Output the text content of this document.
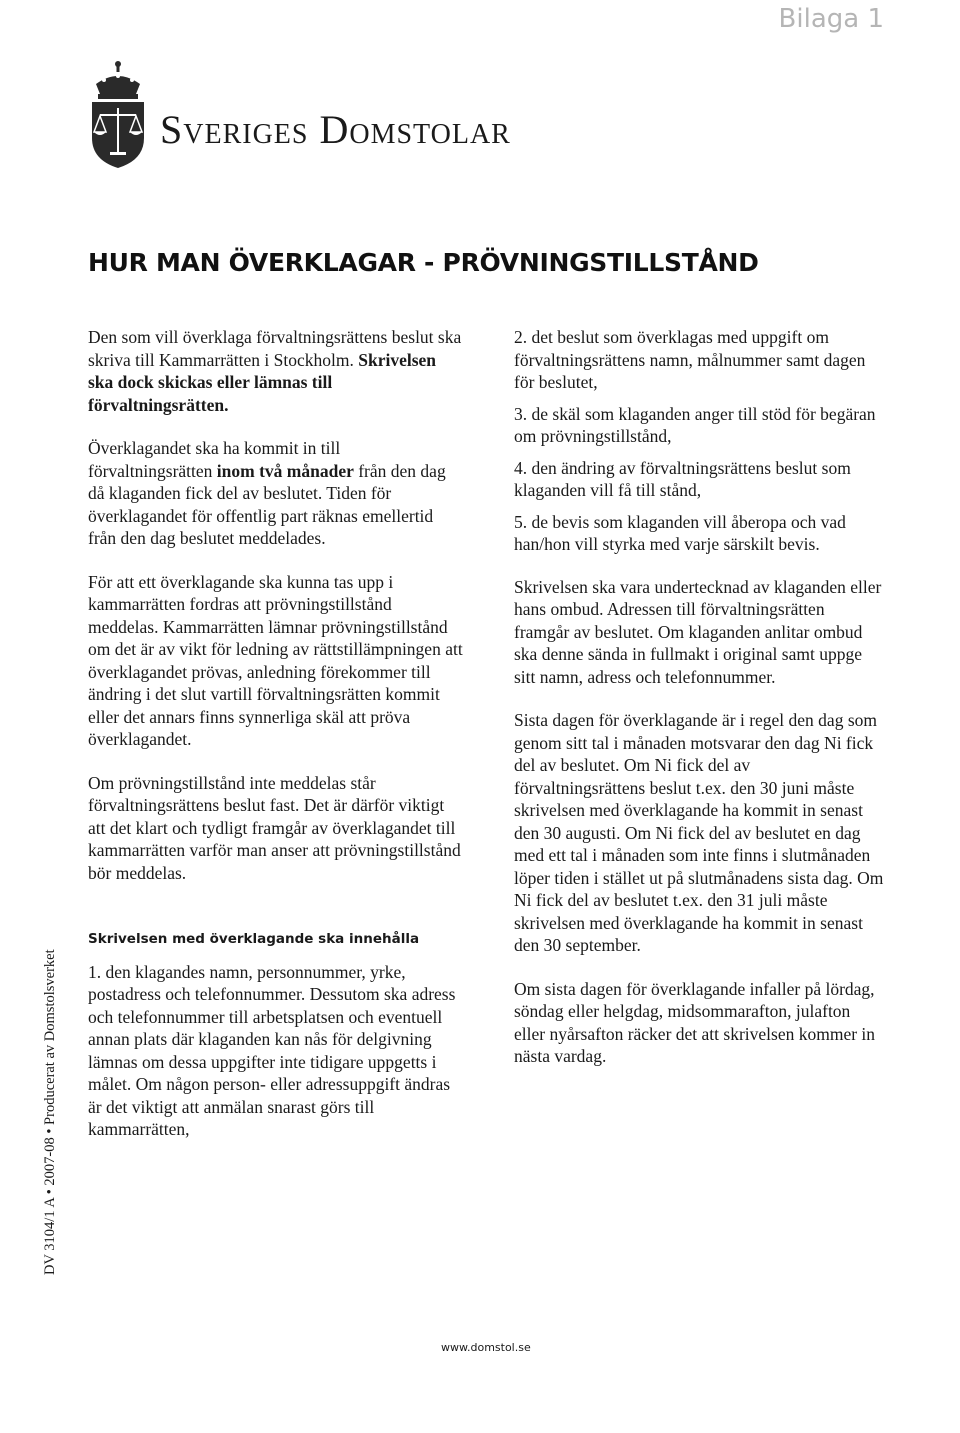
Bilaga 1
Sveriges Domstolar
HUR MAN ÖVERKLAGAR - PRÖVNINGSTILLSTÅND

Den som vill överklaga förvaltningsrättens beslut ska skriva till Kammarrätten i Stockholm. Skrivelsen ska dock skickas eller lämnas till förvaltningsrätten.

Överklagandet ska ha kommit in till förvaltningsrätten inom två månader från den dag då klaganden fick del av beslutet. Tiden för överklagandet för offentlig part räknas emellertid från den dag beslutet meddelades.

För att ett överklagande ska kunna tas upp i kammarrätten fordras att prövningstillstånd meddelas. Kammarrätten lämnar prövningstillstånd om det är av vikt för ledning av rättstillämpningen att överklagandet prövas, anledning förekommer till ändring i det slut vartill förvaltningsrätten kommit eller det annars finns synnerliga skäl att pröva överklagandet.

Om prövningstillstånd inte meddelas står förvaltningsrättens beslut fast. Det är därför viktigt att det klart och tydligt framgår av överklagandet till kammarrätten varför man anser att prövningstillstånd bör meddelas.

Skrivelsen med överklagande ska innehålla

1. den klagandes namn, personnummer, yrke, postadress och telefonnummer. Dessutom ska adress och telefonnummer till arbetsplatsen och eventuell annan plats där klaganden kan nås för delgivning lämnas om dessa uppgifter inte tidigare uppgetts i målet. Om någon person- eller adressuppgift ändras är det viktigt att anmälan snarast görs till kammarrätten,

2. det beslut som överklagas med uppgift om förvaltningsrättens namn, målnummer samt dagen för beslutet,

3. de skäl som klaganden anger till stöd för begäran om prövningstillstånd,

4. den ändring av förvaltningsrättens beslut som klaganden vill få till stånd,

5. de bevis som klaganden vill åberopa och vad han/hon vill styrka med varje särskilt bevis.

Skrivelsen ska vara undertecknad av klaganden eller hans ombud. Adressen till förvaltningsrätten framgår av beslutet. Om klaganden anlitar ombud ska denne sända in fullmakt i original samt uppge sitt namn, adress och telefonnummer.

Sista dagen för överklagande är i regel den dag som genom sitt tal i månaden motsvarar den dag Ni fick del av beslutet. Om Ni fick del av förvaltningsrättens beslut t.ex. den 30 juni måste skrivelsen med överklagande ha kommit in senast den 30 augusti. Om Ni fick del av beslutet en dag med ett tal i månaden som inte finns i slutmånaden löper tiden i stället ut på slutmånadens sista dag. Om Ni fick del av beslutet t.ex. den 31 juli måste skrivelsen med överklagande ha kommit in senast den 30 september.

Om sista dagen för överklagande infaller på lördag, söndag eller helgdag, midsommarafton, julafton eller nyårsafton räcker det att skrivelsen kommer in nästa vardag.

DV 3104/1 A • 2007-08 • Producerat av Domstolsverket
www.domstol.se
